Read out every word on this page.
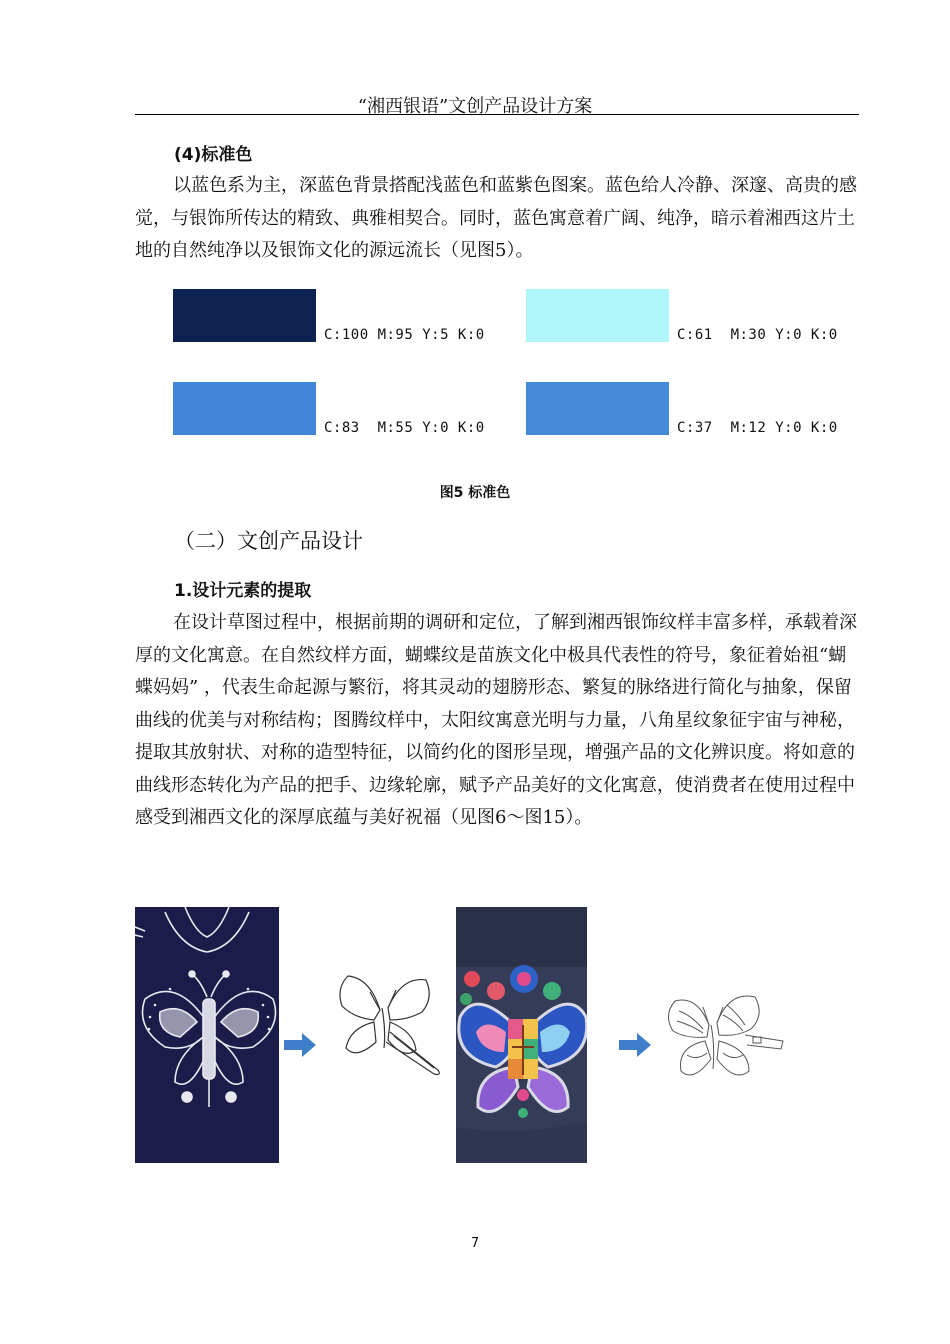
“湘西银语”文创产品设计方案
(4)标准色

以蓝色系为主，深蓝色背景搭配浅蓝色和蓝紫色图案。蓝色给人冷静、深邃、高贵的感觉，与银饰所传达的精致、典雅相契合。同时，蓝色寓意着广阔、纯净，暗示着湘西这片土地的自然纯净以及银饰文化的源远流长（见图5）。

C:100 M:95 Y:5 K:0	C:61  M:30 Y:0 K:0
C:83  M:55 Y:0 K:0	C:37  M:12 Y:0 K:0
图5 标准色
（二）文创产品设计
1.设计元素的提取

在设计草图过程中，根据前期的调研和定位，了解到湘西银饰纹样丰富多样，承载着深厚的文化寓意。在自然纹样方面，蝴蝶纹是苗族文化中极具代表性的符号，象征着始祖“蝴蝶妈妈” ，代表生命起源与繁衍，将其灵动的翅膀形态、繁复的脉络进行简化与抽象，保留曲线的优美与对称结构；图腾纹样中，太阳纹寓意光明与力量，八角星纹象征宇宙与神秘，提取其放射状、对称的造型特征，以简约化的图形呈现，增强产品的文化辨识度。将如意的曲线形态转化为产品的把手、边缘轮廓，赋予产品美好的文化寓意，使消费者在使用过程中感受到湘西文化的深厚底蕴与美好祝福（见图6～图15）。

7
